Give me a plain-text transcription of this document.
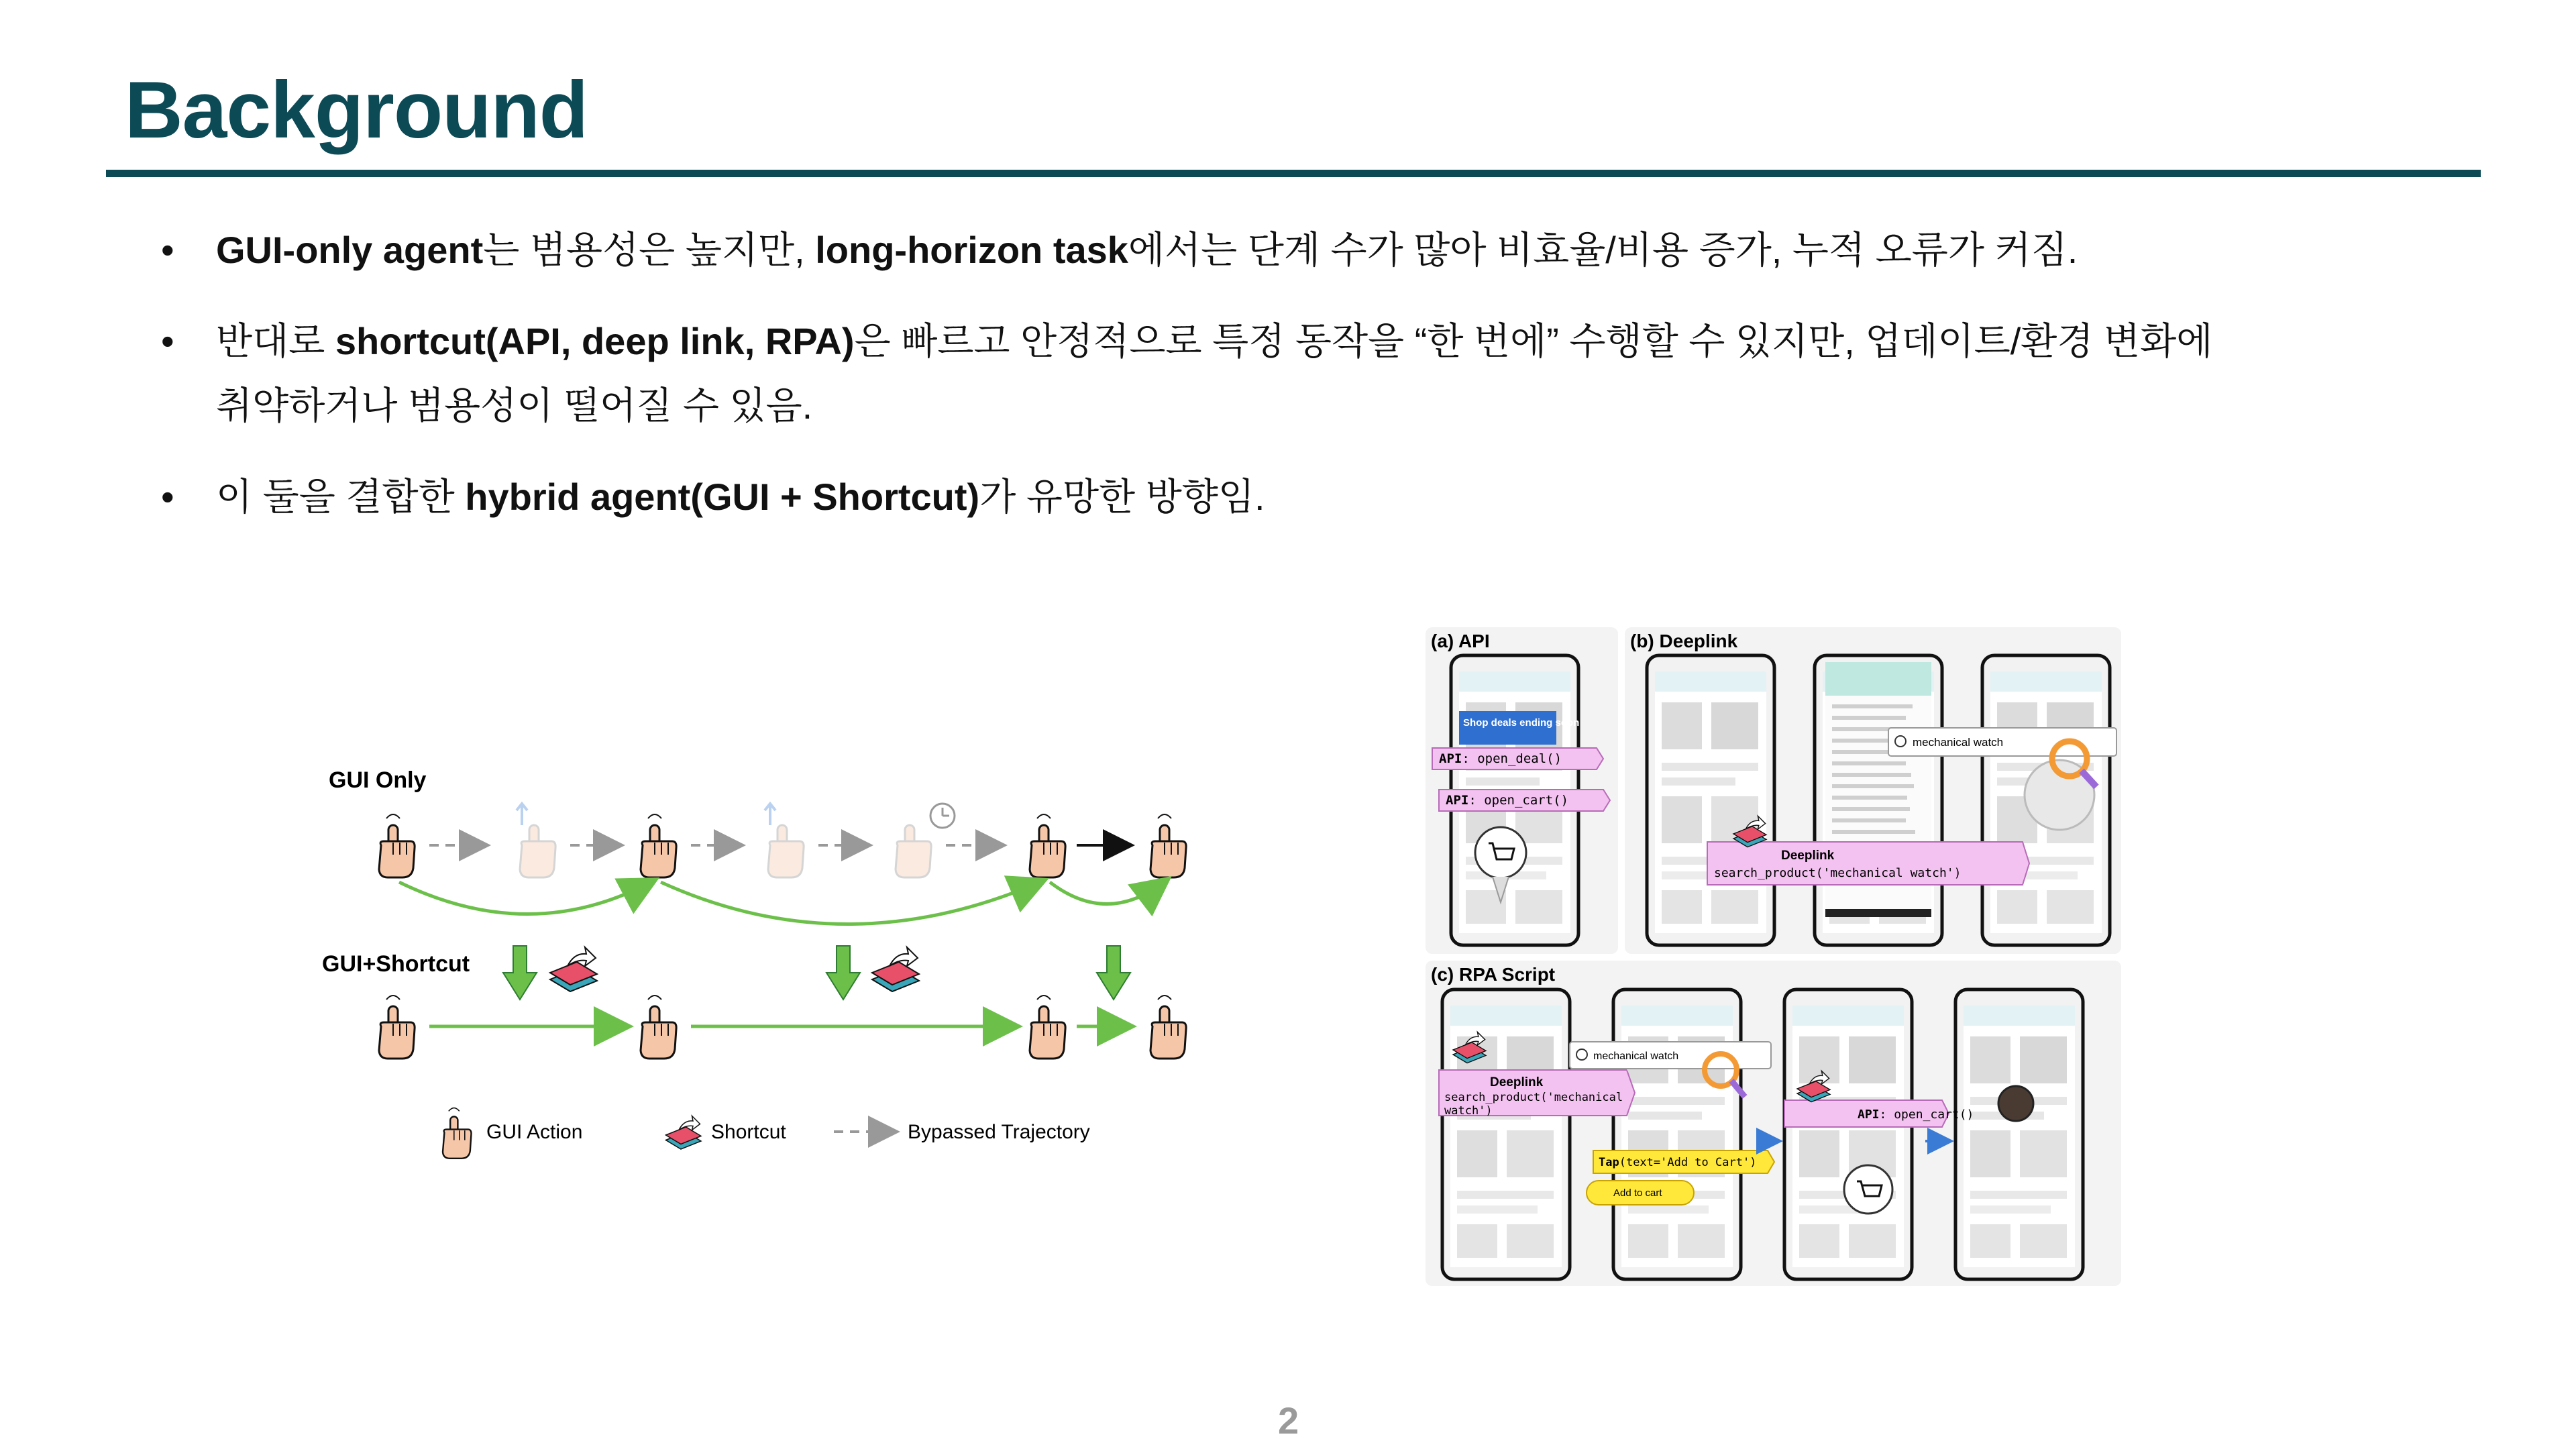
Background
• GUI-only agent는 범용성은 높지만, long-horizon task에서는 단계 수가 많아 비효율/비용 증가, 누적 오류가 커짐.
• 반대로 shortcut(API, deep link, RPA)은 빠르고 안정적으로 특정 동작을 “한 번에” 수행할 수 있지만, 업데이트/환경 변화에
취약하거나 범용성이 떨어질 수 있음.
• 이 둘을 결합한 hybrid agent(GUI + Shortcut)가 유망한 방향임.
GUI Only
GUI+Shortcut
GUI Action	Shortcut	Bypassed Trajectory
(a) API	(b) Deeplink
(c) RPA Script
Shop deals ending soon
API: open_deal()
API: open_cart()
mechanical watch
Deeplink
search_product('mechanical watch')
mechanical watch
Deeplink
search_product('mechanical
watch')
Tap(text='Add to Cart')
Add to cart
API: open_cart()
2
